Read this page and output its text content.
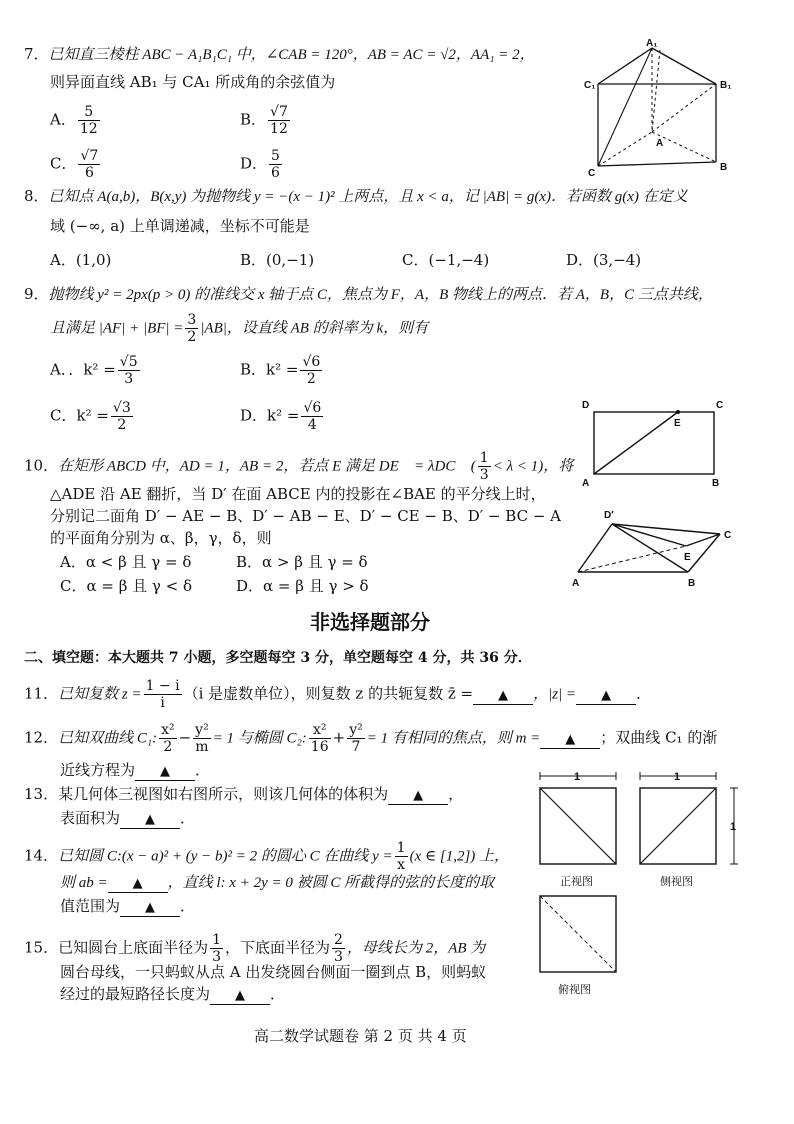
7．已知直三棱柱 ABC − A₁B₁C₁ 中，∠CAB = 120°，AB = AC = √2，AA₁ = 2，
则异面直线 AB₁ 与 CA₁ 所成角的余弦值为
A． $\frac{5}{12}$	B． $\frac{√7}{12}$
C． $\frac{√7}{6}$	D． $\frac{5}{6}$
A₁
C₁	B₁
A
C
B
8．已知点 A(a,b)，B(x,y) 为抛物线 y = −(x − 1)² 上两点，且 x < a，记 |AB| = g(x)．若函数 g(x) 在定义
域 (−∞, a) 上单调递减，坐标不可能是
A．(1,0)	B．(0,−1)	C．(−1,−4)	D．(3,−4)
9．抛物线 y² = 2px(p > 0) 的准线交 x 轴于点 C，焦点为 F，A，B 物线上的两点．若 A，B，C 三点共线，
且满足 $|AF| + |BF| = \frac{3}{2} |AB|$，设直线 AB 的斜率为 k，则有
A．．$k^2 = \frac{√5}{3}$	B．$k^2 = \frac{√6}{2}$
C．$k^2 = \frac{√3}{2}$	D．$k^2 = \frac{√6}{4}$	D	C
E
A	B
10．在矩形 ABCD 中，AD = 1，AB = 2，若点 E 满足 DE⃗ = λDC⃗ ( $\frac{1}{3} < \lambda < 1$)，将
△ADE 沿 AE 翻折，当 D′ 在面 ABCE 内的投影在∠BAE 的平分线上时，
分别记二面角 D′ − AE − B、D′ − AB − E、D′ − CE − B、D′ − BC − A
的平面角分别为 α、β，γ，δ，则
A．α < β 且 γ = δ	B．α > β 且 γ = δ
C．α = β 且 γ < δ	D．α = β 且 γ > δ
D′
C
E
A	B
非选择题部分
二、填空题：本大题共 7 小题，多空题每空 3 分，单空题每空 4 分，共 36 分．
11．已知复数 $z = \frac{1 - i}{i} (i$ 是虚数单位），则复数 z 的共轭复数 z̄ = ▲ ，|z| = ▲ ．
12．已知双曲线 C₁: $\frac{\text{x²}}{2} - \frac{\text{y²}}{m} = 1$ 与椭圆 C₂: $\frac{\text{x²}}{16} + \frac{\text{y²}}{7} = 1$ 有相同的焦点，则 m = ▲ ；双曲线 C₁ 的渐
近线方程为 ▲ ．
13．某几何体三视图如右图所示，则该几何体的体积为 ▲ ，
表面积为 ▲ ．
1	1
1
正视图	侧视图
俯视图
14．已知圆 C:(x − a)² + (y − b)² = 2 的圆心 C 在曲线 $y = \frac{1}{x} (x$ ∈ [1,2]) 上，
则 ab = ▲ ，直线 l: x + 2y = 0 被圆 C 所截得的弦的长度的取
值范围为 ▲ ．
15．已知圆台上底面半径为 $\frac{1}{3}$ ，下底面半径为 $\frac{2}{3}$ ，母线长为 2，AB 为
圆台母线，一只蚂蚁从点 A 出发绕圆台侧面一圈到点 B，则蚂蚁
经过的最短路径长度为 ▲ ．
高二数学试题卷 第 2 页 共 4 页
